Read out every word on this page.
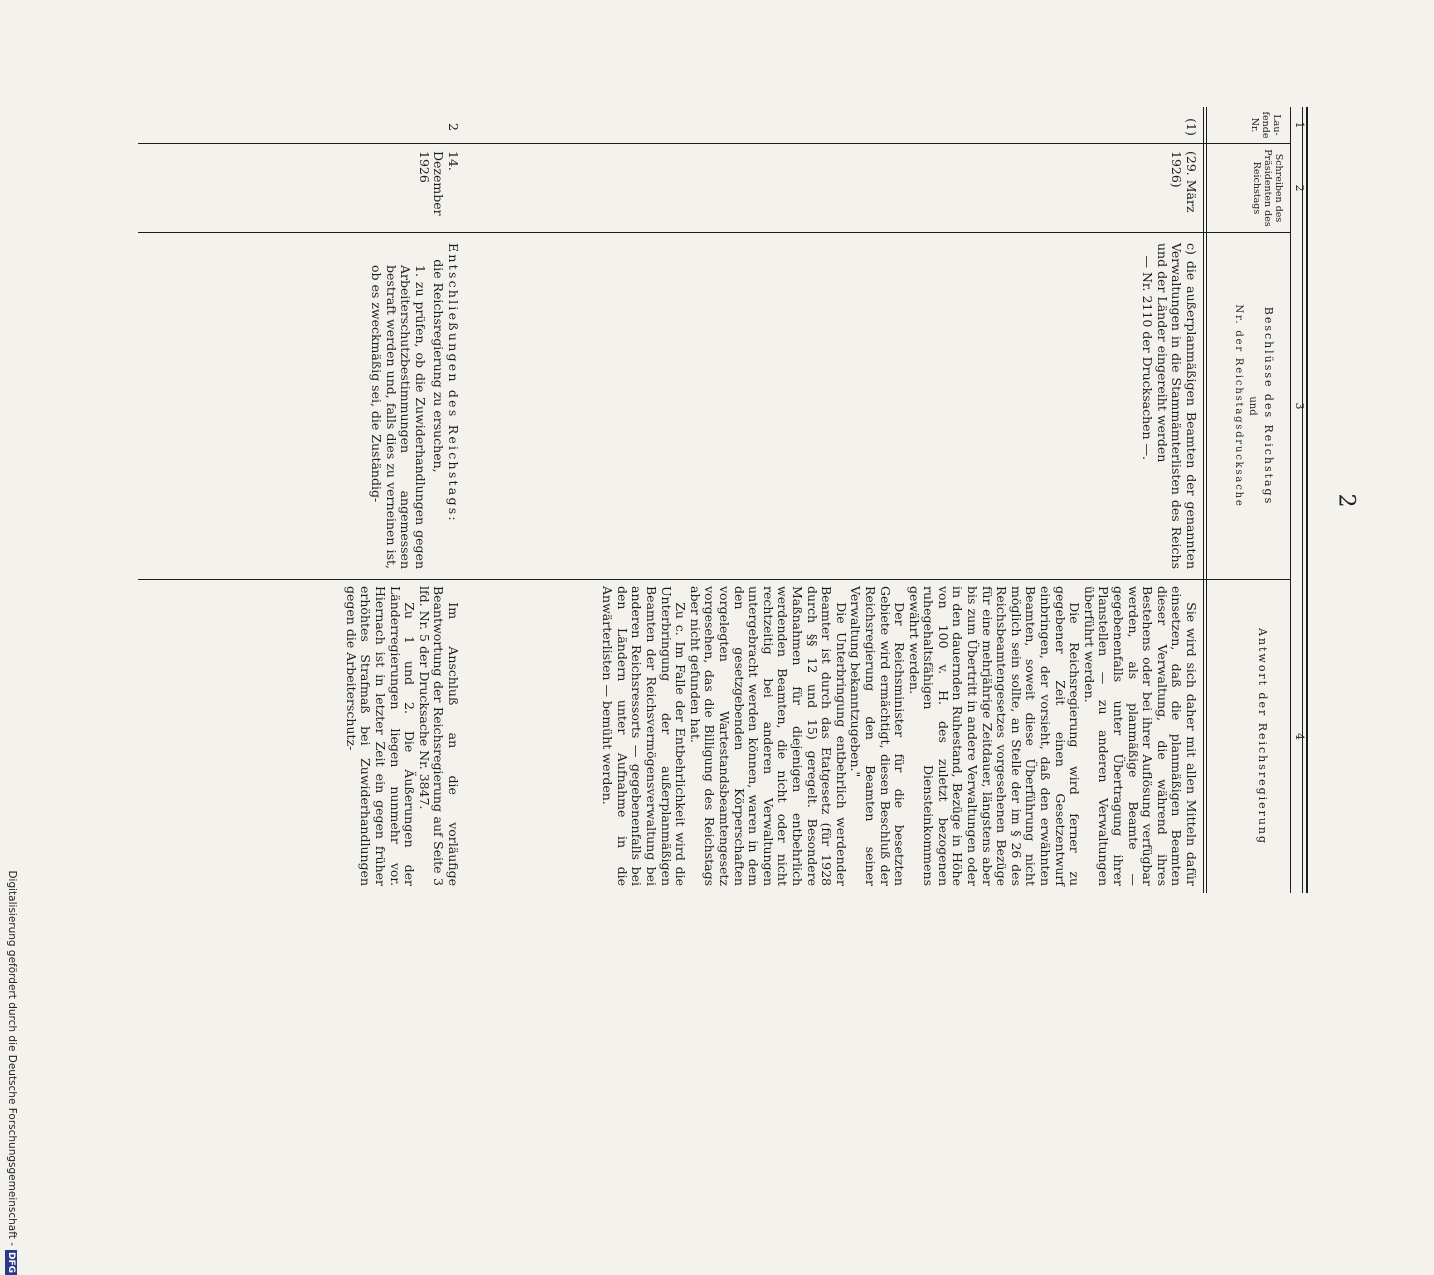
2
Digitalisierung gefördert durch die Deutsche Forschungsgemeinschaft -DFG
1
2
3
4
Lau- fende Nr.
Schreiben des Präsidenten des Reichstags
Beschlüsse des Reichstags
und
Nr. der Reichstagsdrucksache
Antwort der Reichsregierung
(1)
(29. März 1926)

c) die außerplanmäßigen Beamten der genannten Verwaltungen in die Stammämterlisten des Reichs und der Länder eingereiht werden

— Nr. 2110 der Drucksachen —.

Sie wird sich daher mit allen Mitteln dafür einsetzen, daß die planmäßigen Beamten dieser Verwaltung, die während ihres Bestehens oder bei ihrer Auflösung verfügbar werden, als planmäßige Beamte — gegebenenfalls unter Übertragung ihrer Planstellen — zu anderen Verwaltungen überführt werden.

Die Reichsregierung wird ferner zu gegebener Zeit einen Gesetzentwurf einbringen, der vorsieht, daß den erwähnten Beamten, soweit diese Überführung nicht möglich sein sollte, an Stelle der im § 26 des Reichsbeamtengesetzes vorgesehenen Bezüge für eine mehrjährige Zeitdauer, längstens aber bis zum Übertritt in andere Verwaltungen oder in den dauernden Ruhestand, Bezüge in Höhe von 100 v. H. des zuletzt bezogenen ruhegehaltsfähigen Diensteinkommens gewährt werden.

Der Reichsminister für die besetzten Gebiete wird ermächtigt, diesen Beschluß der Reichsregierung den Beamten seiner Verwaltung bekanntzugeben."

Die Unterbringung entbehrlich werdender Beamter ist durch das Etatgesetz (für 1928 durch §§ 12 und 15) geregelt. Besondere Maßnahmen für diejenigen entbehrlich werdenden Beamten, die nicht oder nicht rechtzeitig bei anderen Verwaltungen untergebracht werden können, waren in dem den gesetzgebenden Körperschaften vorgelegten Wartestandsbeamtengesetz vorgesehen, das die Billigung des Reichstags aber nicht gefunden hat.

Zu c. Im Falle der Entbehrlichkeit wird die Unterbringung der außerplanmäßigen Beamten der Reichsvermögensverwaltung bei anderen Reichsressorts — gegebenenfalls bei den Ländern unter Aufnahme in die Anwärterlisten — bemüht werden.

2
14. Dezember 1926

Entschließungen des Reichstags:

die Reichsregierung zu ersuchen,

1. zu prüfen, ob die Zuwiderhandlungen gegen Arbeiterschutzbestimmungen angemessen bestraft werden und, falls dies zu verneinen ist, ob es zweckmäßig sei, die Zuständig-

Im Anschluß an die vorläufige Beantwortung der Reichsregierung auf Seite 3 lfd. Nr. 5 der Drucksache Nr. 3847.

Zu 1 und 2. Die Äußerungen der Länderregierungen liegen nunmehr vor. Hiernach ist in letzter Zeit ein gegen früher erhöhtes Strafmaß bei Zuwiderhandlungen gegen die Arbeiterschutz-
